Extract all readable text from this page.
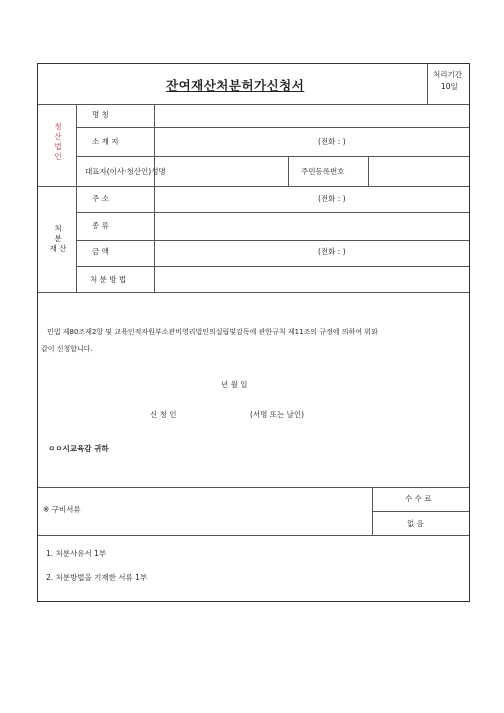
잔여재산처분허가신청서
처리기간
10일
청
산
법
인
명 칭
소 재 지	(전화 : )
대표자(이사·청산인)성명	주민등록번호
처
분
재 산
주 소	(전화 : )
종 류
금 액	(전화 : )
처 분 방 법
민법 제80조제2항 및 교육인적자원부소관비영리법인의설립및감독에 관한규칙 제11조의 규정에 의하여 위와
같이 신청합니다.
년 월 일
신 청 인	(서명 또는 날인)
ㅇㅇ시교육감 귀하
수 수 료
없 음
※ 구비서류
1. 처분사유서 1부
2. 처분방법을 기재한 서류 1부
